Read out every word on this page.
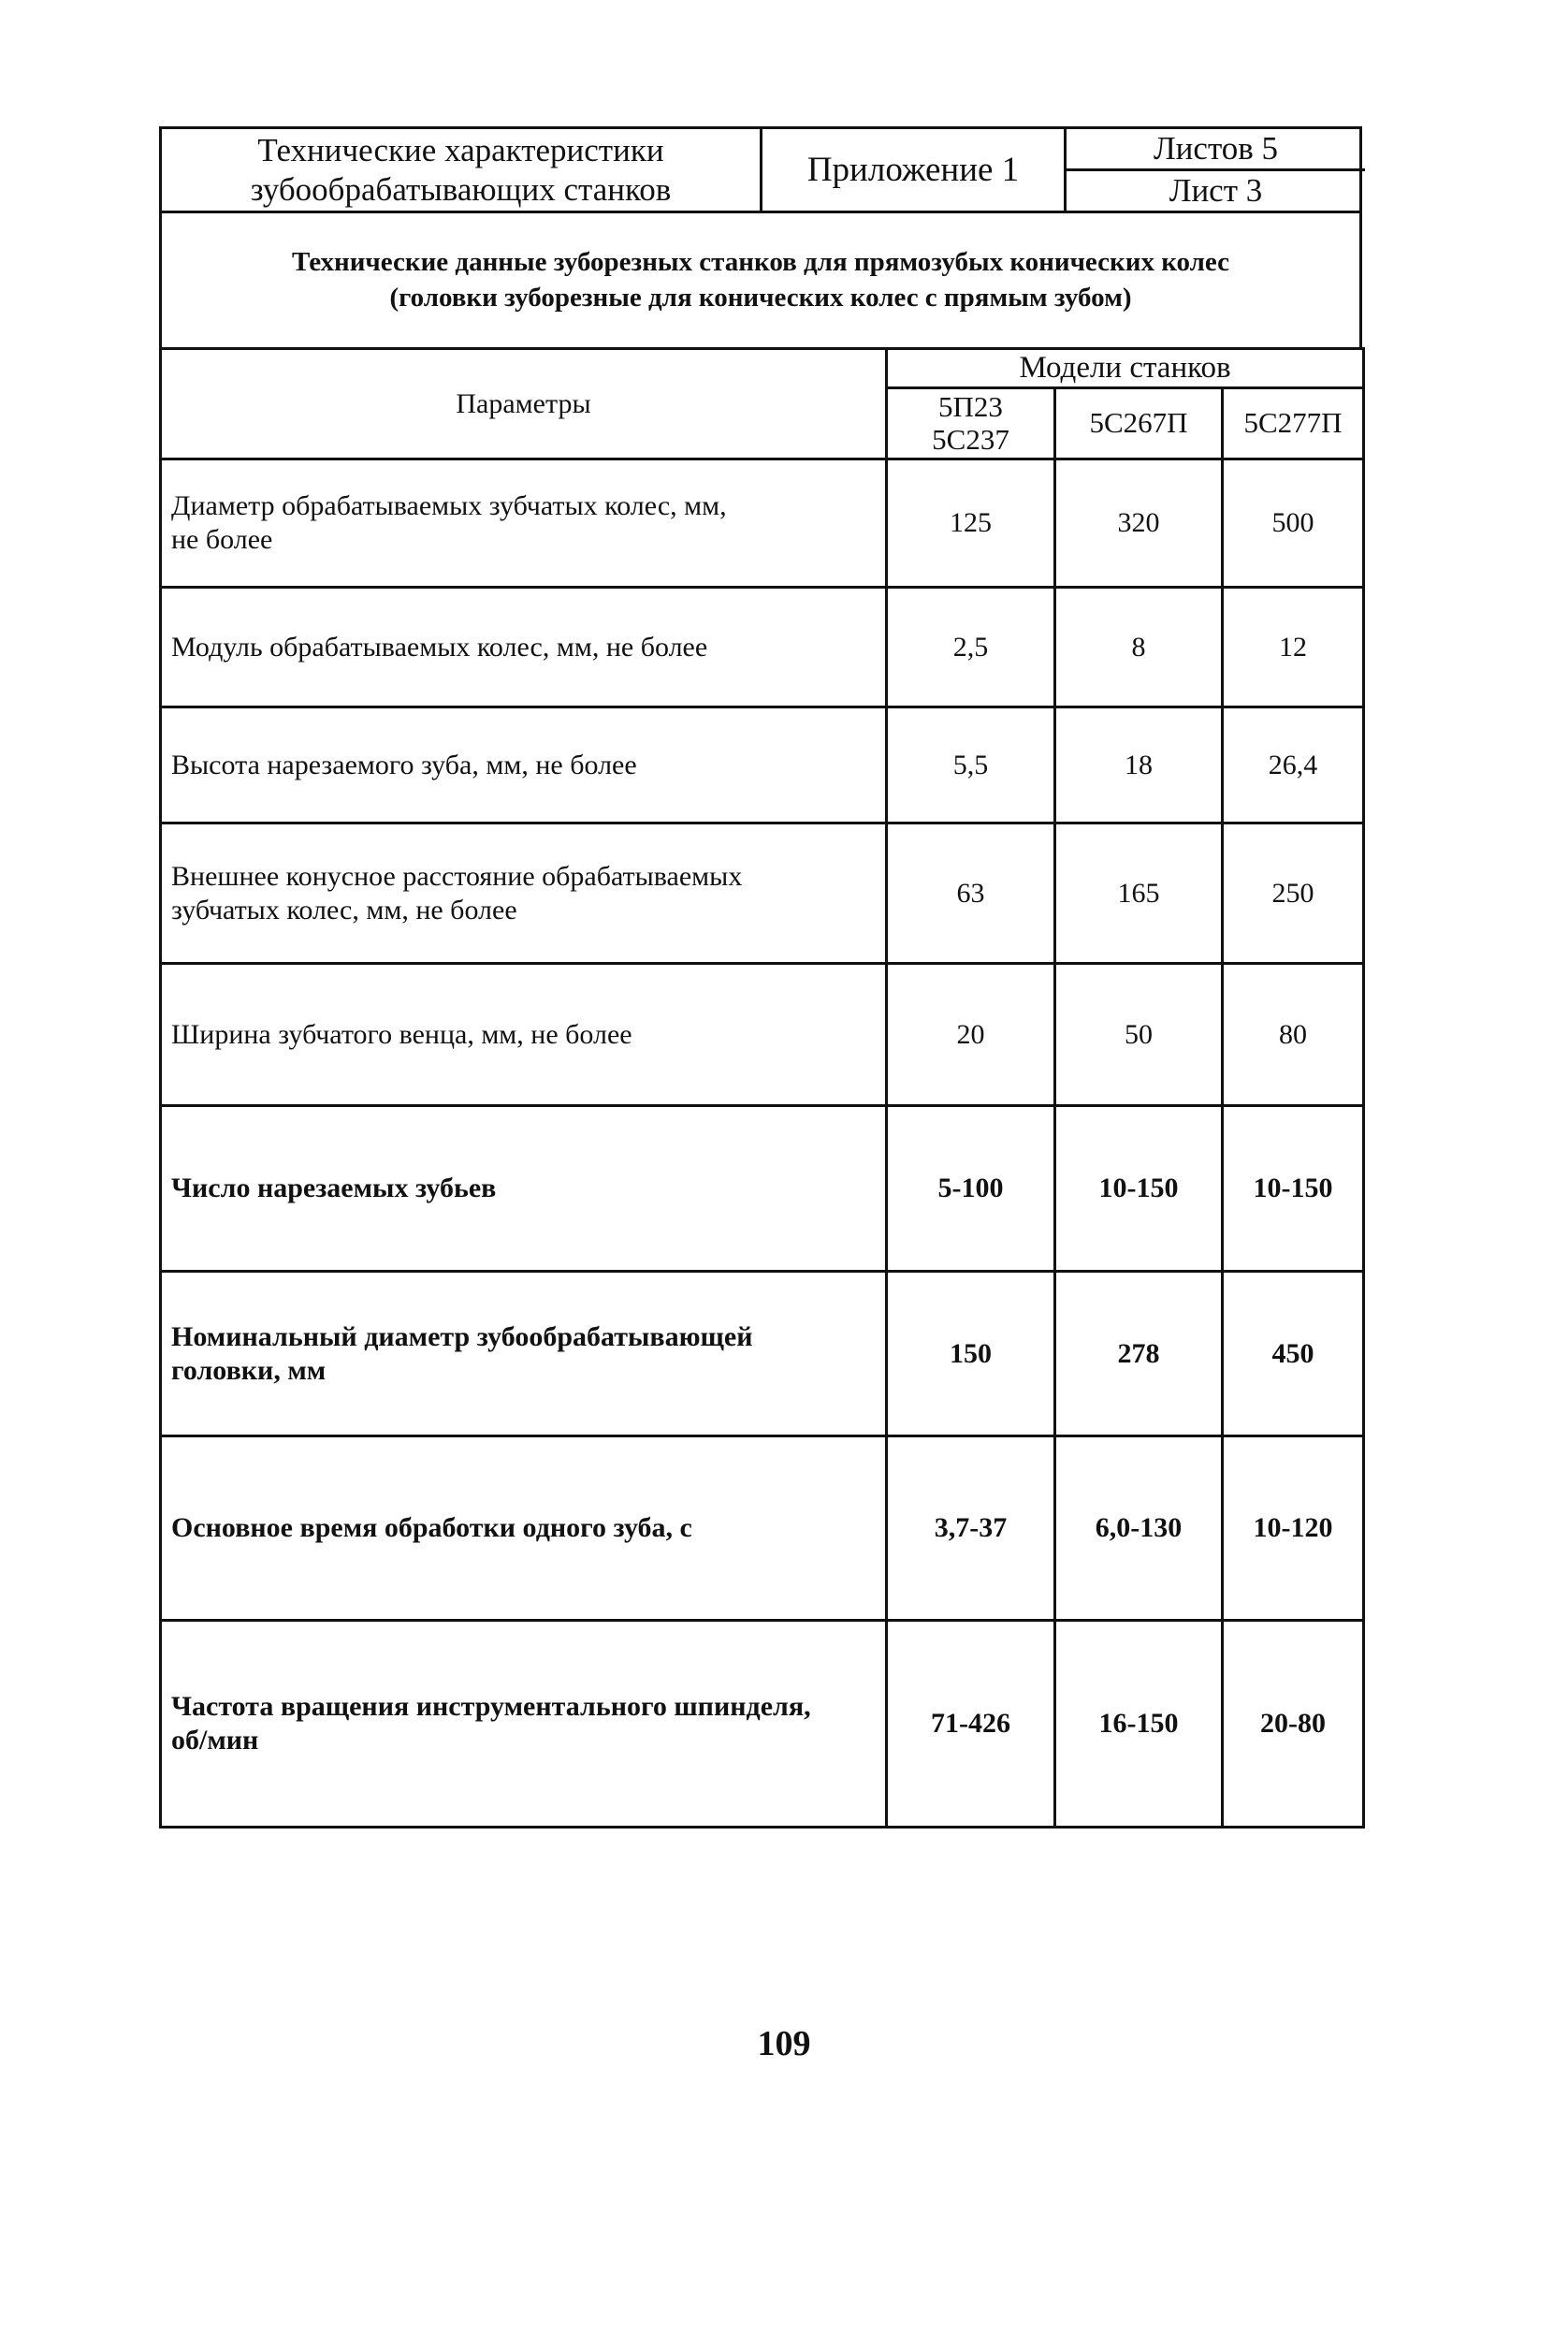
Технические характеристики
зубообрабатывающих станков	Приложение 1
Листов 5
Лист 3
Технические данные зуборезных станков для прямозубых конических колес
(головки зуборезные для конических колес с прямым зубом)
Параметры	Модели станков		

	5П23
5С237	5С267П	5С277П

Диаметр обрабатываемых зубчатых колес, мм,
не более	125	320	500
Модуль обрабатываемых колес, мм, не более	2,5	8	12
Высота нарезаемого зуба, мм, не более	5,5	18	26,4

Внешнее конусное расстояние обрабатываемых
зубчатых колес, мм, не более	63	165	250
Ширина зубчатого венца, мм, не более	20	50	80
Число нарезаемых зубьев	5-100	10-150	10-150

Номинальный диаметр зубообрабатывающей
головки, мм	150	278	450
Основное время обработки одного зуба, с	3,7-37	6,0-130	10-120

Частота вращения инструментального шпинделя,
об/мин	71-426	16-150	20-80
109
